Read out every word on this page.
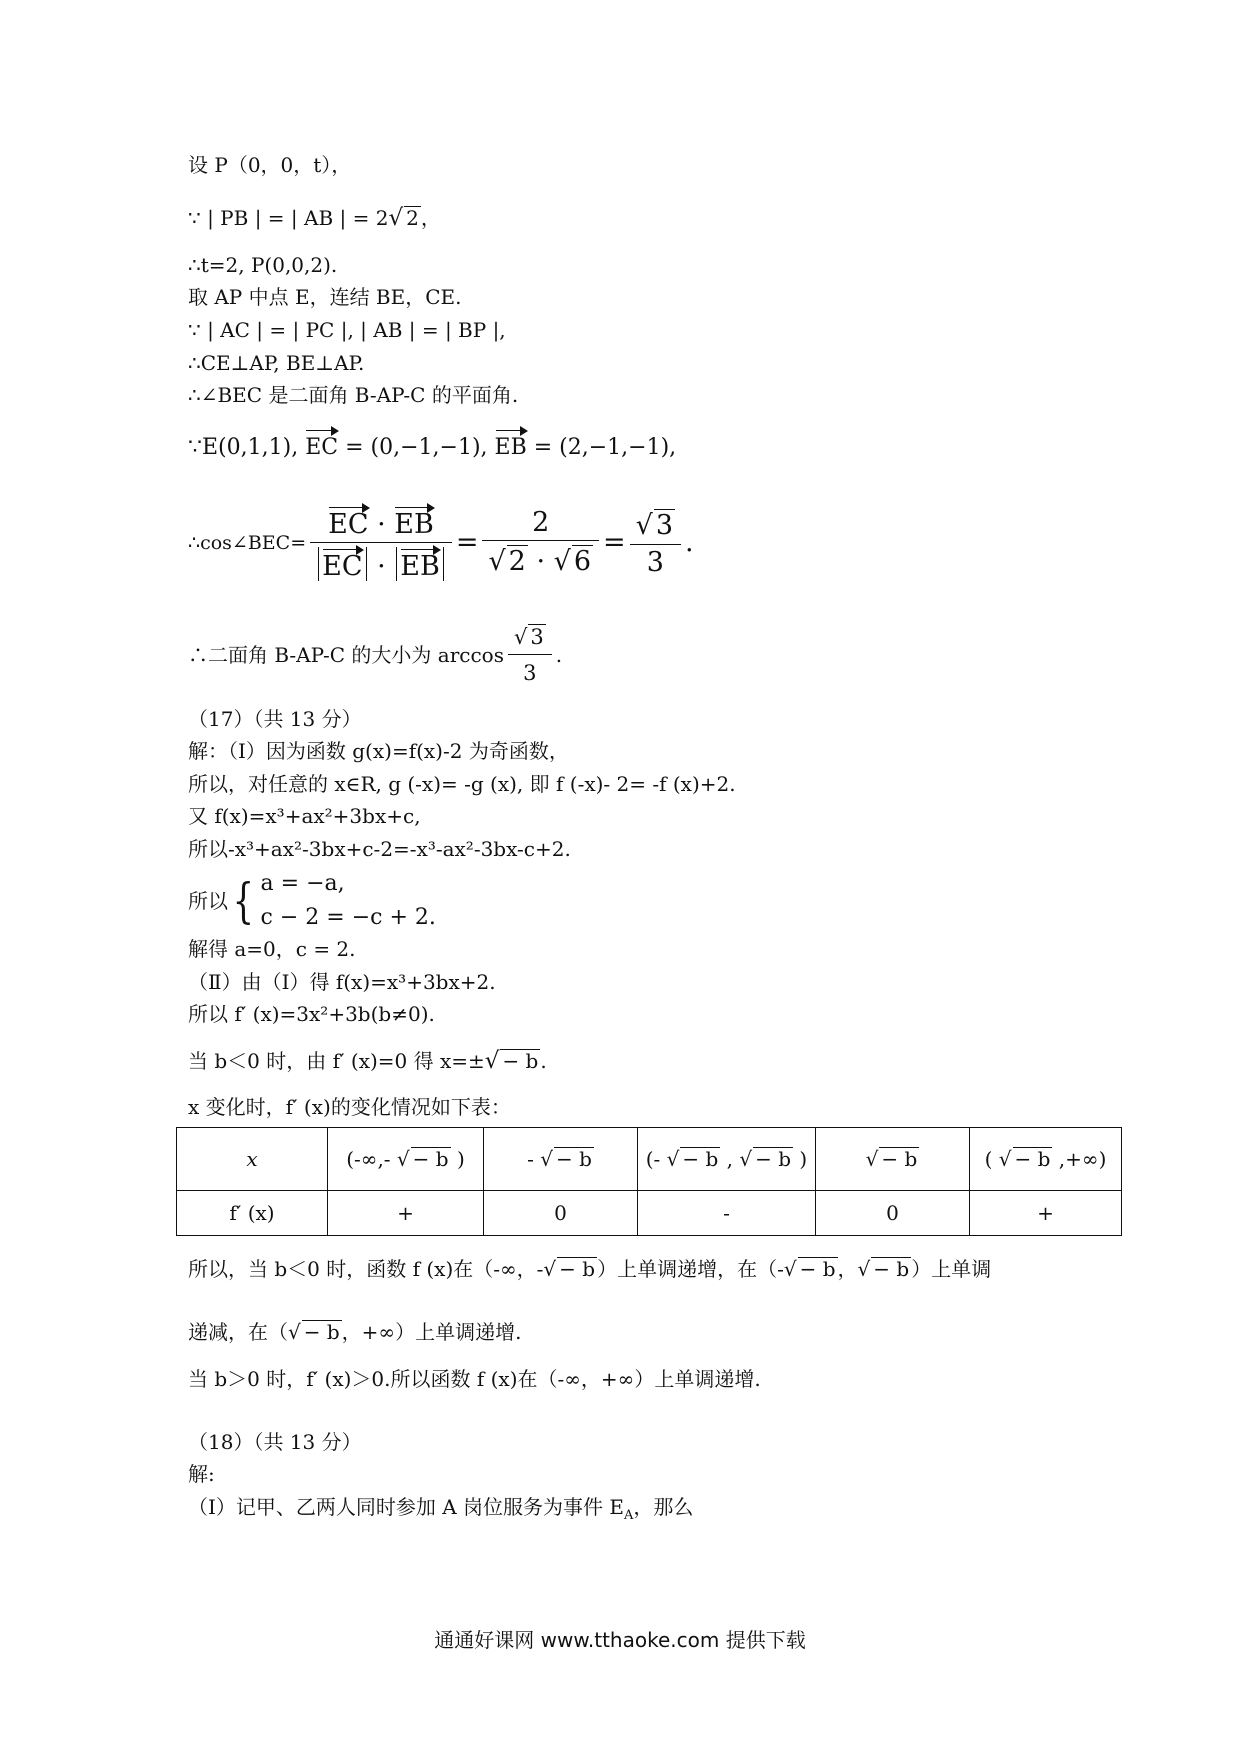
设 P（0，0，t），
∵ | PB | = | AB | = 2√ 2 ，
∴t=2, P(0,0,2).
取 AP 中点 E，连结 BE，CE.
∵ | AC | = | PC |, | AB | = | BP |,
∴CE⊥AP, BE⊥AP.
∴∠BEC 是二面角 B-AP-C 的平面角.
∵E(0,1,1), EC = (0,−1,−1), EB = (2,−1,−1),
∴cos∠BEC= $\frac{EC \cdot EB}{EC \cdot EB} = \frac{2}{√ 2 \cdot √ 6} = \frac{√ 3}{3}$ .
∴二面角 B-AP-C 的大小为 $\arccos \frac{√ 3}{3}$ .
（17）（共 13 分）
解：（Ⅰ）因为函数 g(x)=f(x)-2 为奇函数，
所以，对任意的 x∈R, g (-x)= -g (x), 即 f (-x)- 2= -f (x)+2.
又 f(x)=x³+ax²+3bx+c,
所以-x³+ax²-3bx+c-2=-x³-ax²-3bx-c+2.
所以 { a = −a,
c − 2 = −c + 2.
解得 a=0，c = 2.
（Ⅱ）由（Ⅰ）得 f(x)=x³+3bx+2.
所以 f′ (x)=3x²+3b(b≠0).
当 b＜0 时，由 f′ (x)=0 得 x=±√ − b .
x 变化时，f′ (x)的变化情况如下表：
x	(-∞,- √ − b )	- √ − b	(- √ − b , √ − b )	√ − b	( √ − b ,+∞)
f′ (x)	+	0	-	0	+
所以，当 b＜0 时，函数 f (x)在（-∞，-√ − b ）上单调递增，在（-√ − b ，√ − b ）上单调
递减，在（√ − b ，+∞）上单调递增.
当 b＞0 时，f′ (x)＞0.所以函数 f (x)在（-∞，+∞）上单调递增.
（18）（共 13 分）
解:
（Ⅰ）记甲、乙两人同时参加 A 岗位服务为事件 $E_A$，那么
通通好课网 www.tthaoke.com 提供下载
